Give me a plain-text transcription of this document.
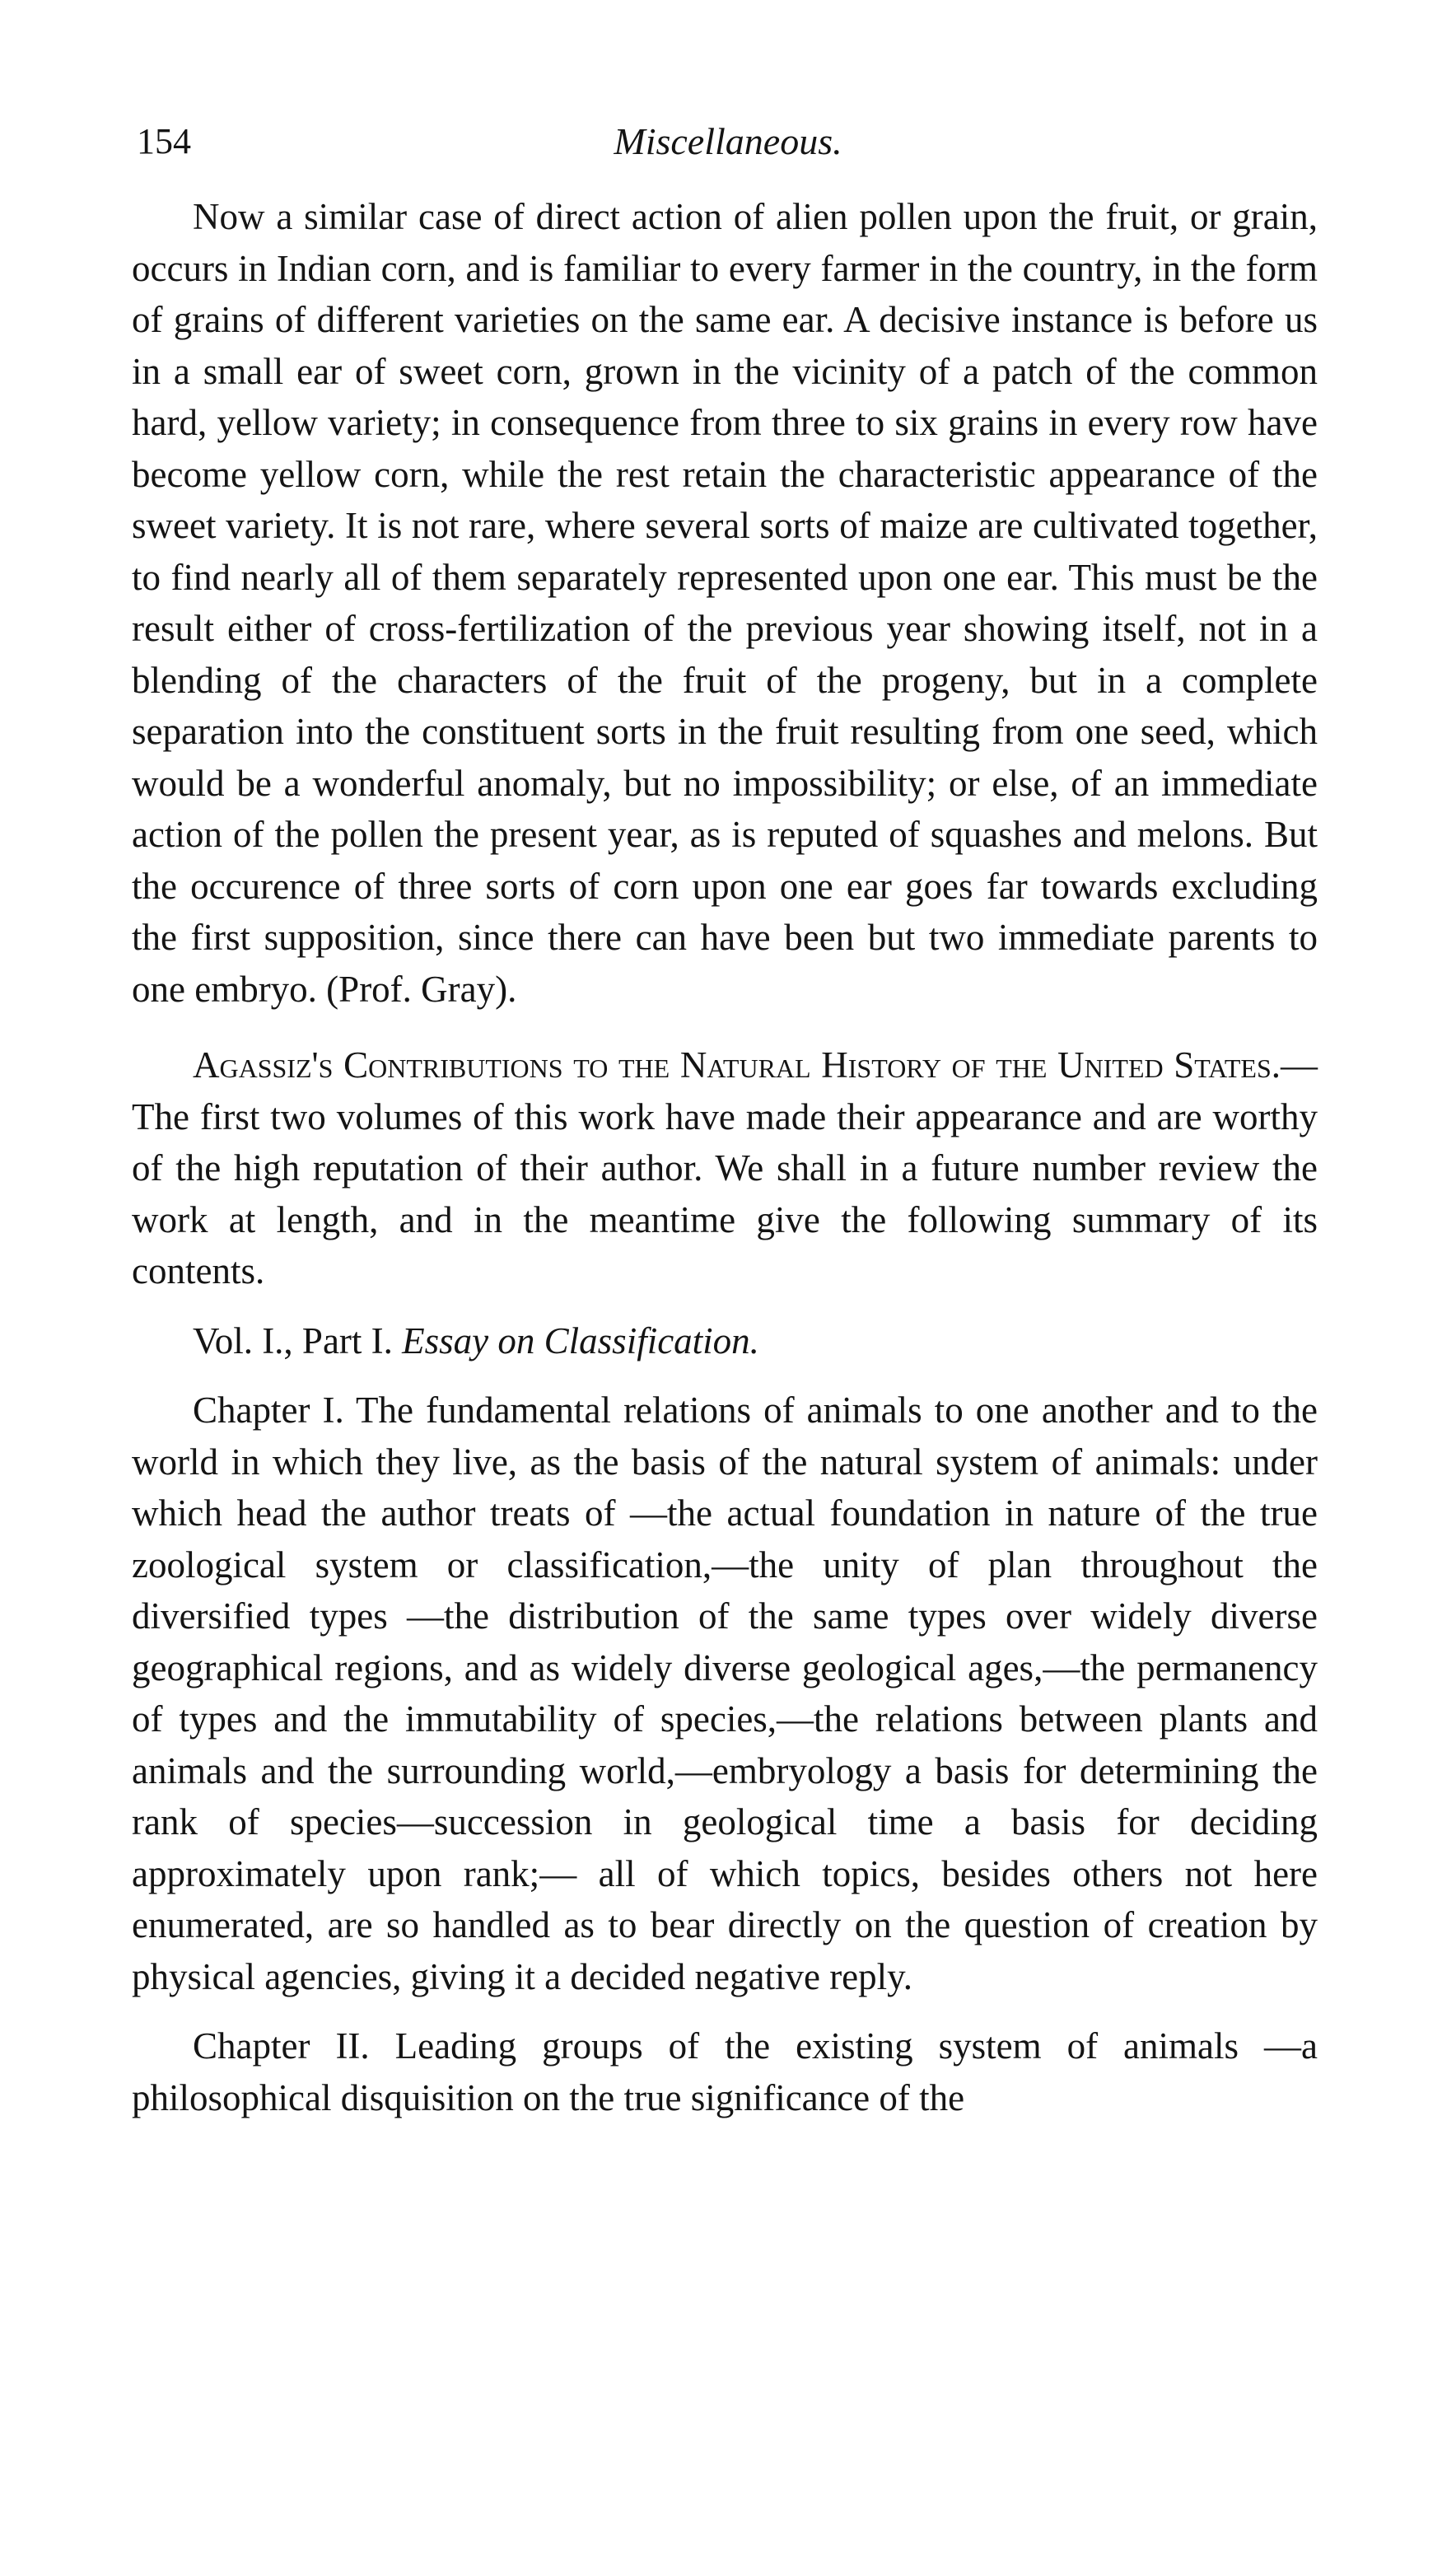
154	Miscellaneous.

Now a similar case of direct action of alien pollen upon the fruit, or grain, occurs in Indian corn, and is familiar to every farmer in the country, in the form of grains of different varieties on the same ear. A decisive instance is before us in a small ear of sweet corn, grown in the vicinity of a patch of the common hard, yellow variety; in consequence from three to six grains in every row have become yellow corn, while the rest retain the characteristic appearance of the sweet variety. It is not rare, where several sorts of maize are cultivated together, to find nearly all of them separately represented upon one ear. This must be the result either of cross-fertilization of the previous year showing itself, not in a blending of the characters of the fruit of the progeny, but in a complete separation into the constituent sorts in the fruit resulting from one seed, which would be a wonderful anomaly, but no impossibility; or else, of an immediate action of the pollen the present year, as is reputed of squashes and melons. But the occurence of three sorts of corn upon one ear goes far towards excluding the first supposition, since there can have been but two immediate parents to one embryo. (Prof. Gray).

Agassiz's Contributions to the Natural History of the United States.—The first two volumes of this work have made their appearance and are worthy of the high reputation of their author. We shall in a future number review the work at length, and in the meantime give the following summary of its contents.

Vol. I., Part I. Essay on Classification.

Chapter I. The fundamental relations of animals to one another and to the world in which they live, as the basis of the natural system of animals: under which head the author treats of —the actual foundation in nature of the true zoological system or classification,—the unity of plan throughout the diversified types —the distribution of the same types over widely diverse geographical regions, and as widely diverse geological ages,—the permanency of types and the immutability of species,—the relations between plants and animals and the surrounding world,—embryology a basis for determining the rank of species—succession in geological time a basis for deciding approximately upon rank;— all of which topics, besides others not here enumerated, are so handled as to bear directly on the question of creation by physical agencies, giving it a decided negative reply.

Chapter II. Leading groups of the existing system of animals —a philosophical disquisition on the true significance of the
